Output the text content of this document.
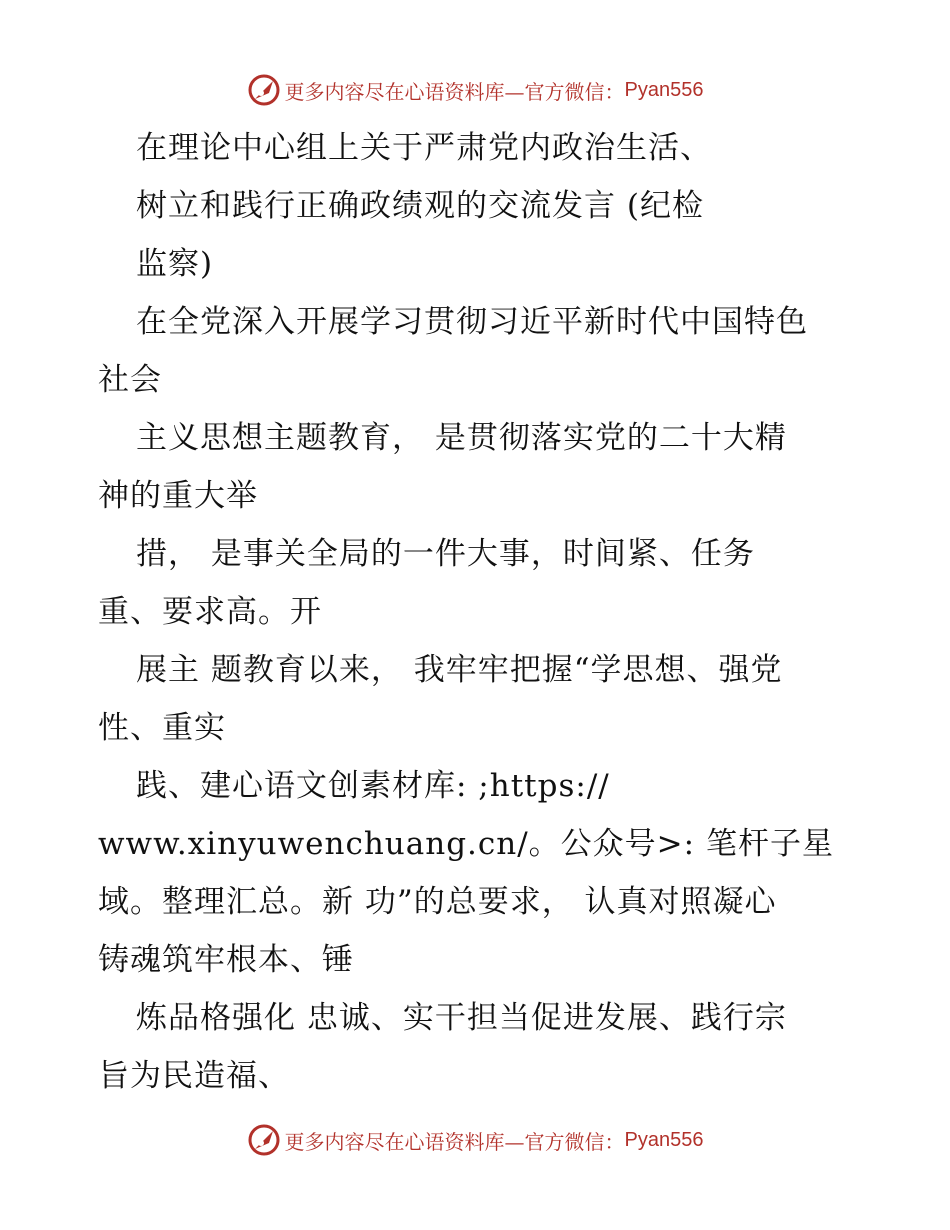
更多内容尽在心语资料库—官方微信： Pyan556
在理论中心组上关于严肃党内政治生活、
树立和践行正确政绩观的交流发言 (纪检
监察)
在全党深入开展学习贯彻习近平新时代中国特色
社会
主义思想主题教育， 是贯彻落实党的二十大精
神的重大举
措， 是事关全局的一件大事，时间紧、任务
重、要求高。开
展主 题教育以来， 我牢牢把握“学思想、强党
性、重实
践、建心语文创素材库: ;https://
www.xinyuwenchuang.cn/。公众号>: 笔杆子星
域。整理汇总。新 功”的总要求， 认真对照凝心
铸魂筑牢根本、锤
炼品格强化 忠诚、实干担当促进发展、践行宗
旨为民造福、
更多内容尽在心语资料库—官方微信： Pyan556
